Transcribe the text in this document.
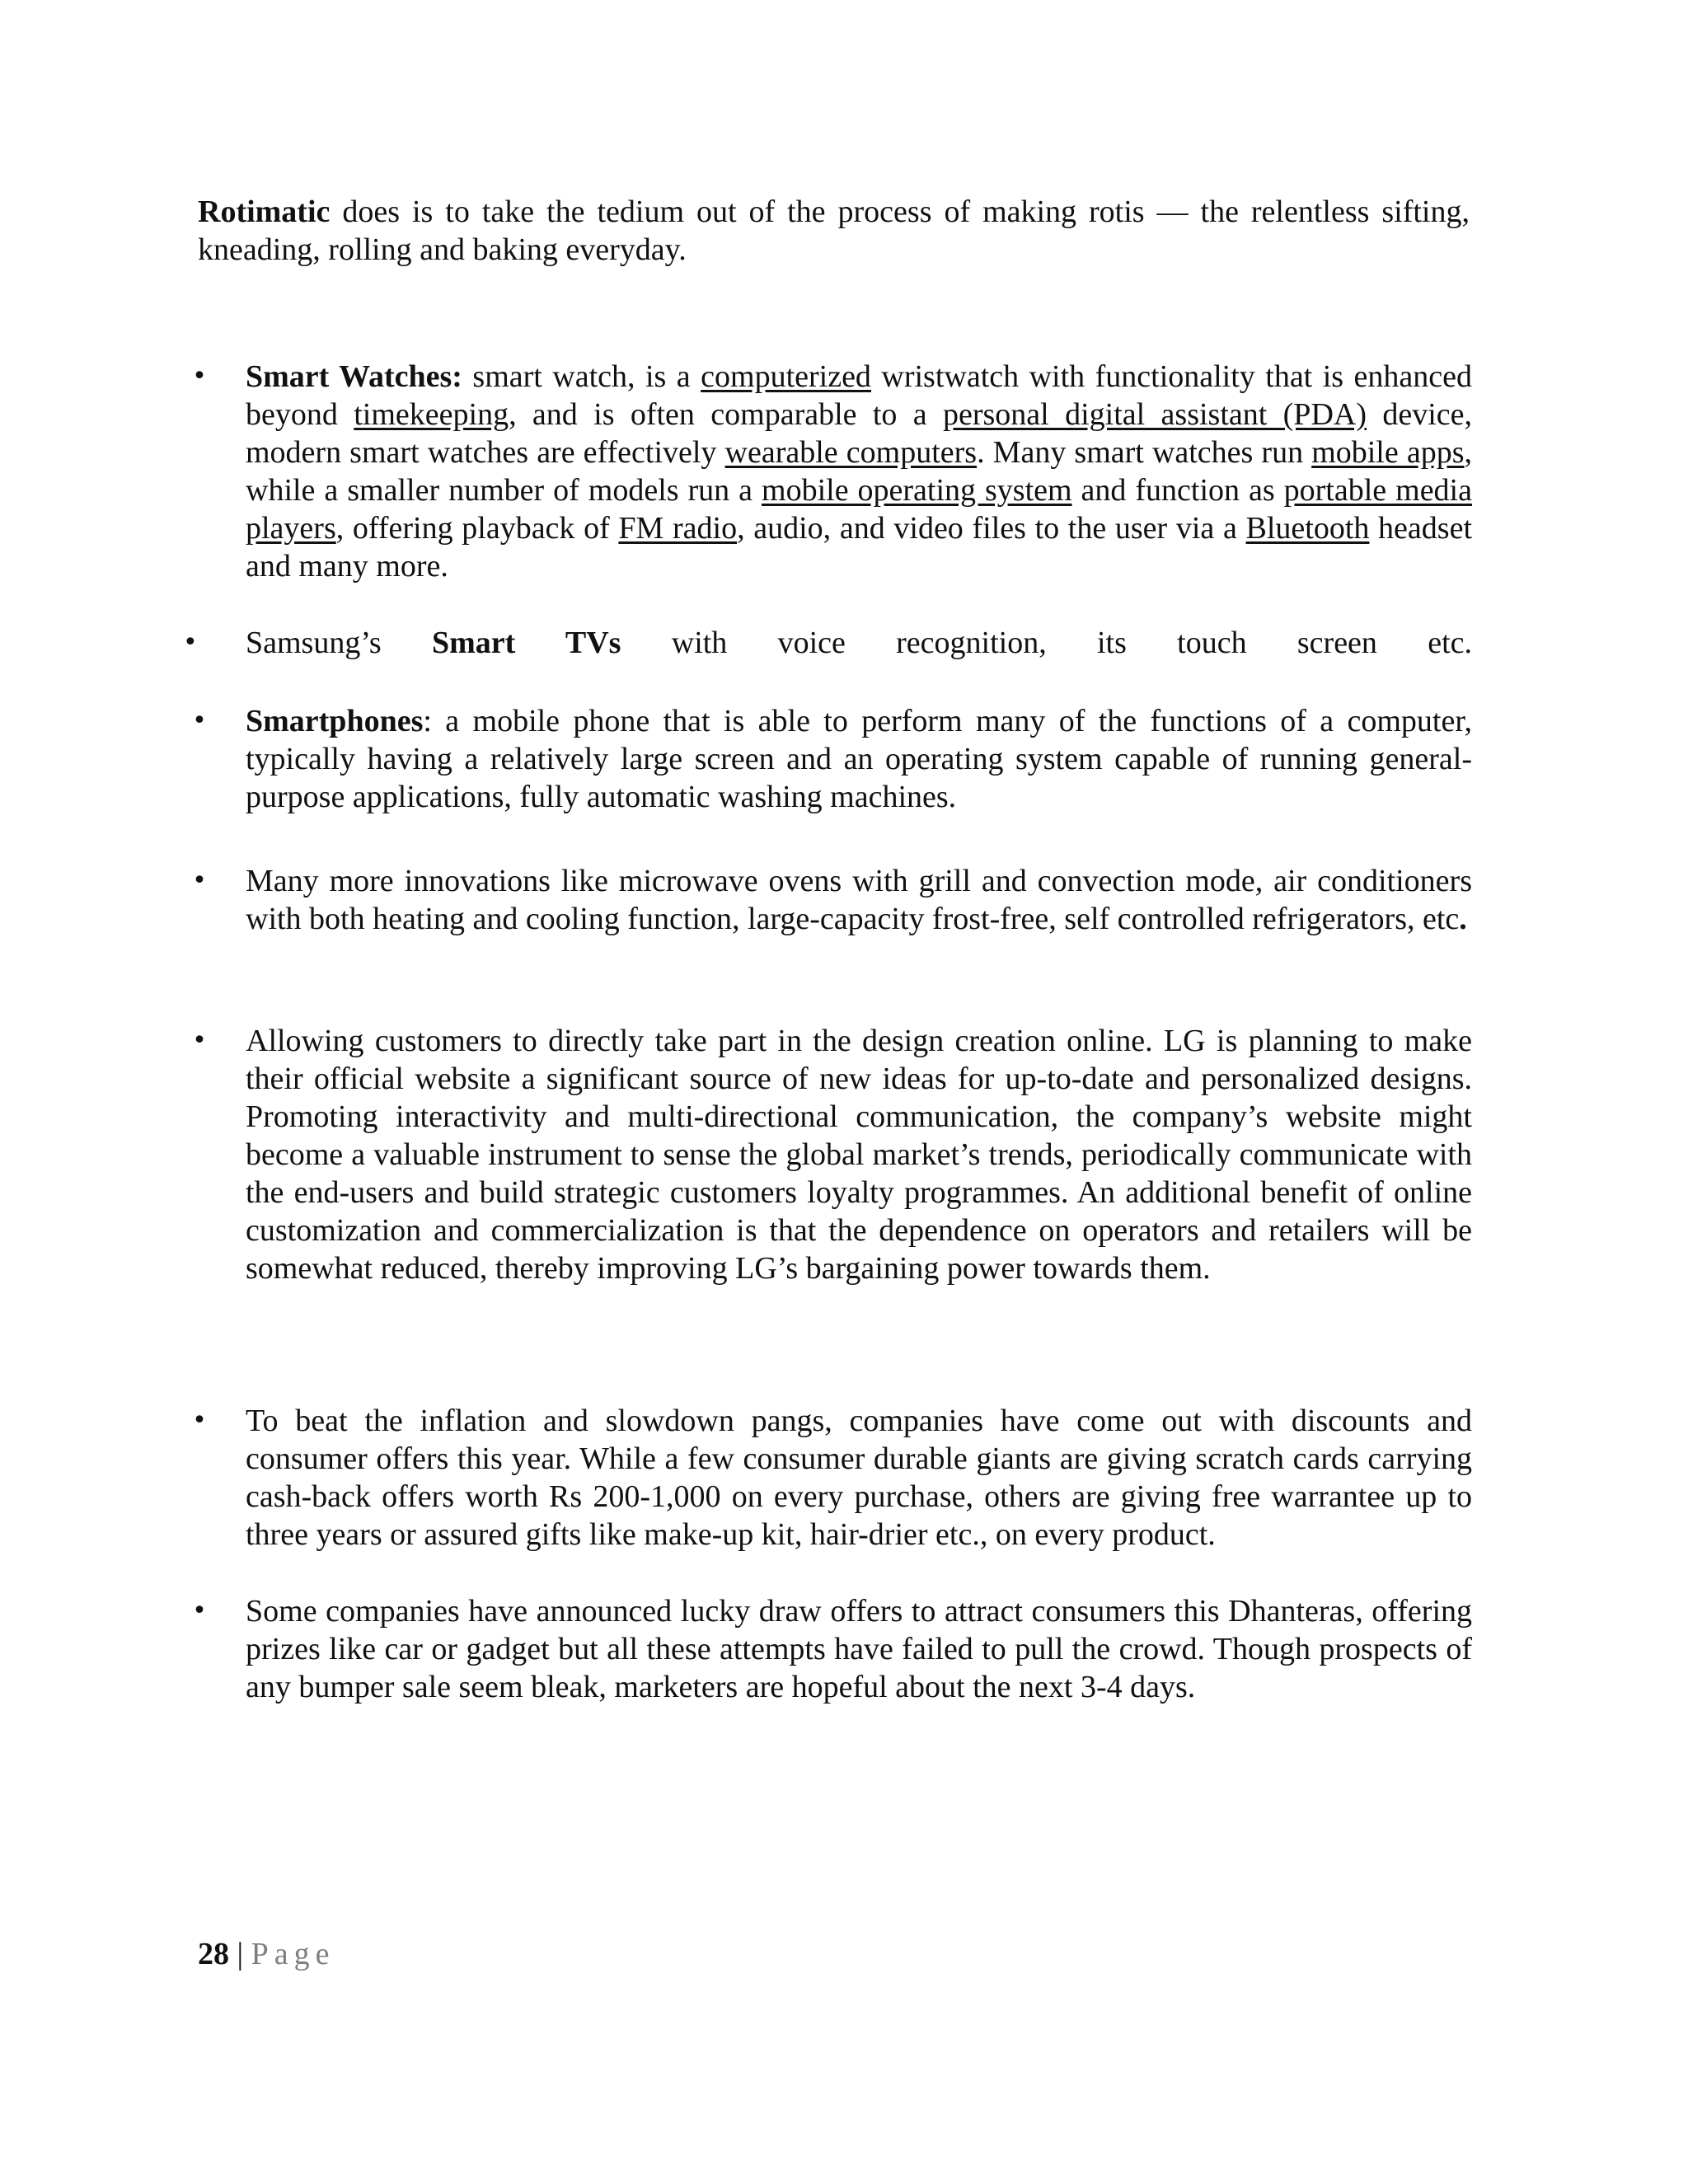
Rotimatic does is to take the tedium out of the process of making rotis — the relentless sifting, kneading, rolling and baking everyday.

• Smart Watches: smart watch, is a computerized wristwatch with functionality that is enhanced beyond timekeeping, and is often comparable to a personal digital assistant (PDA) device, modern smart watches are effectively wearable computers. Many smart watches run mobile apps, while a smaller number of models run a mobile operating system and function as portable media players, offering playback of FM radio, audio, and video files to the user via a Bluetooth headset and many more.
•	Samsung’s Smart TVs with voice recognition, its touch screen etc.
• Smartphones: a mobile phone that is able to perform many of the functions of a computer, typically having a relatively large screen and an operating system capable of running general-purpose applications, fully automatic washing machines.
• Many more innovations like microwave ovens with grill and convection mode, air conditioners with both heating and cooling function, large-capacity frost-free, self controlled refrigerators, etc.
• Allowing customers to directly take part in the design creation online. LG is planning to make their official website a significant source of new ideas for up-to-date and personalized designs. Promoting interactivity and multi-directional communication, the company’s website might become a valuable instrument to sense the global market’s trends, periodically communicate with the end-users and build strategic customers loyalty programmes. An additional benefit of online customization and commercialization is that the dependence on operators and retailers will be somewhat reduced, thereby improving LG’s bargaining power towards them.
• To beat the inflation and slowdown pangs, companies have come out with discounts and consumer offers this year. While a few consumer durable giants are giving scratch cards carrying cash-back offers worth Rs 200-1,000 on every purchase, others are giving free warrantee up to three years or assured gifts like make-up kit, hair-drier etc., on every product.
• Some companies have announced lucky draw offers to attract consumers this Dhanteras, offering prizes like car or gadget but all these attempts have failed to pull the crowd. Though prospects of any bumper sale seem bleak, marketers are hopeful about the next 3-4 days.
28 | Page
